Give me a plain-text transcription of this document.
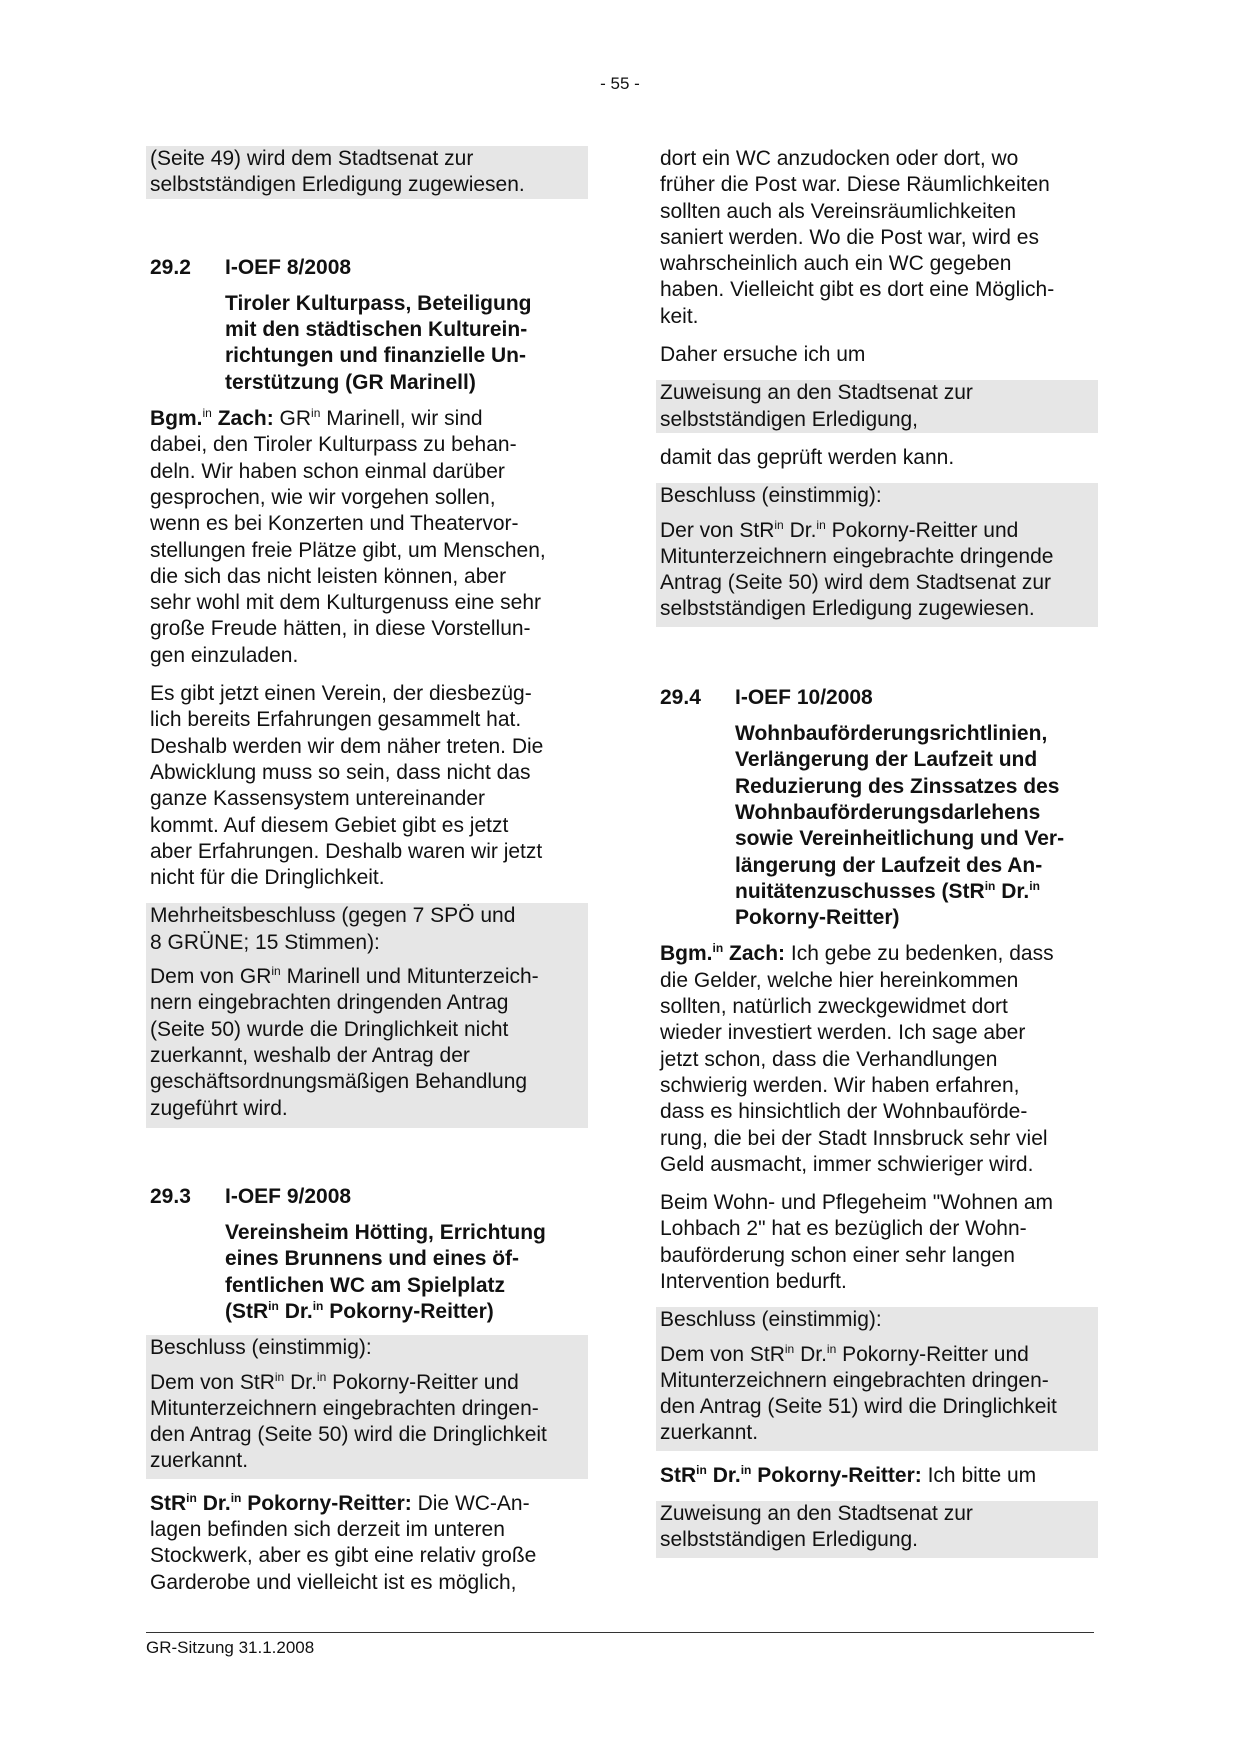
- 55 -
(Seite 49) wird dem Stadtsenat zur
selbstständigen Erledigung zugewiesen.
29.2	I-OEF 8/2008
Tiroler Kulturpass, Beteiligung
mit den städtischen Kulturein-
richtungen und finanzielle Un-
terstützung (GR Marinell)
Bgm.$^{in}$ Zach: $GR^{in}$ Marinell, wir sind
dabei, den Tiroler Kulturpass zu behan-
deln. Wir haben schon einmal darüber
gesprochen, wie wir vorgehen sollen,
wenn es bei Konzerten und Theatervor-
stellungen freie Plätze gibt, um Menschen,
die sich das nicht leisten können, aber
sehr wohl mit dem Kulturgenuss eine sehr
große Freude hätten, in diese Vorstellun-
gen einzuladen.
Es gibt jetzt einen Verein, der diesbezüg-
lich bereits Erfahrungen gesammelt hat.
Deshalb werden wir dem näher treten. Die
Abwicklung muss so sein, dass nicht das
ganze Kassensystem untereinander
kommt. Auf diesem Gebiet gibt es jetzt
aber Erfahrungen. Deshalb waren wir jetzt
nicht für die Dringlichkeit.
Mehrheitsbeschluss (gegen 7 SPÖ und
8 GRÜNE; 15 Stimmen):
Dem von $GR^{in}$ Marinell und Mitunterzeich-
nern eingebrachten dringenden Antrag
(Seite 50) wurde die Dringlichkeit nicht
zuerkannt, weshalb der Antrag der
geschäftsordnungsmäßigen Behandlung
zugeführt wird.
29.3	I-OEF 9/2008
Vereinsheim Hötting, Errichtung
eines Brunnens und eines öf-
fentlichen WC am Spielplatz
(StR$^{in}$ Dr.$^{in}$ Pokorny-Reitter)
Beschluss (einstimmig):
Dem von StR$^{in}$ Dr.$^{in}$ Pokorny-Reitter und
Mitunterzeichnern eingebrachten dringen-
den Antrag (Seite 50) wird die Dringlichkeit
zuerkannt.
StR$^{in}$ Dr.$^{in}$ Pokorny-Reitter: Die WC-An-
lagen befinden sich derzeit im unteren
Stockwerk, aber es gibt eine relativ große
Garderobe und vielleicht ist es möglich,
dort ein WC anzudocken oder dort, wo
früher die Post war. Diese Räumlichkeiten
sollten auch als Vereinsräumlichkeiten
saniert werden. Wo die Post war, wird es
wahrscheinlich auch ein WC gegeben
haben. Vielleicht gibt es dort eine Möglich-
keit.
Daher ersuche ich um
Zuweisung an den Stadtsenat zur
selbstständigen Erledigung,
damit das geprüft werden kann.
Beschluss (einstimmig):
Der von StR$^{in}$ Dr.$^{in}$ Pokorny-Reitter und
Mitunterzeichnern eingebrachte dringende
Antrag (Seite 50) wird dem Stadtsenat zur
selbstständigen Erledigung zugewiesen.
29.4	I-OEF 10/2008
Wohnbauförderungsrichtlinien,
Verlängerung der Laufzeit und
Reduzierung des Zinssatzes des
Wohnbauförderungsdarlehens
sowie Vereinheitlichung und Ver-
längerung der Laufzeit des An-
nuitätenzuschusses (StR$^{in}$ Dr.$^{in}$
Pokorny-Reitter)
Bgm.$^{in}$ Zach: Ich gebe zu bedenken, dass
die Gelder, welche hier hereinkommen
sollten, natürlich zweckgewidmet dort
wieder investiert werden. Ich sage aber
jetzt schon, dass die Verhandlungen
schwierig werden. Wir haben erfahren,
dass es hinsichtlich der Wohnbauförde-
rung, die bei der Stadt Innsbruck sehr viel
Geld ausmacht, immer schwieriger wird.
Beim Wohn- und Pflegeheim "Wohnen am
Lohbach 2" hat es bezüglich der Wohn-
bauförderung schon einer sehr langen
Intervention bedurft.
Beschluss (einstimmig):
Dem von StR$^{in}$ Dr.$^{in}$ Pokorny-Reitter und
Mitunterzeichnern eingebrachten dringen-
den Antrag (Seite 51) wird die Dringlichkeit
zuerkannt.
StR$^{in}$ Dr.$^{in}$ Pokorny-Reitter: Ich bitte um
Zuweisung an den Stadtsenat zur
selbstständigen Erledigung.
GR-Sitzung 31.1.2008
